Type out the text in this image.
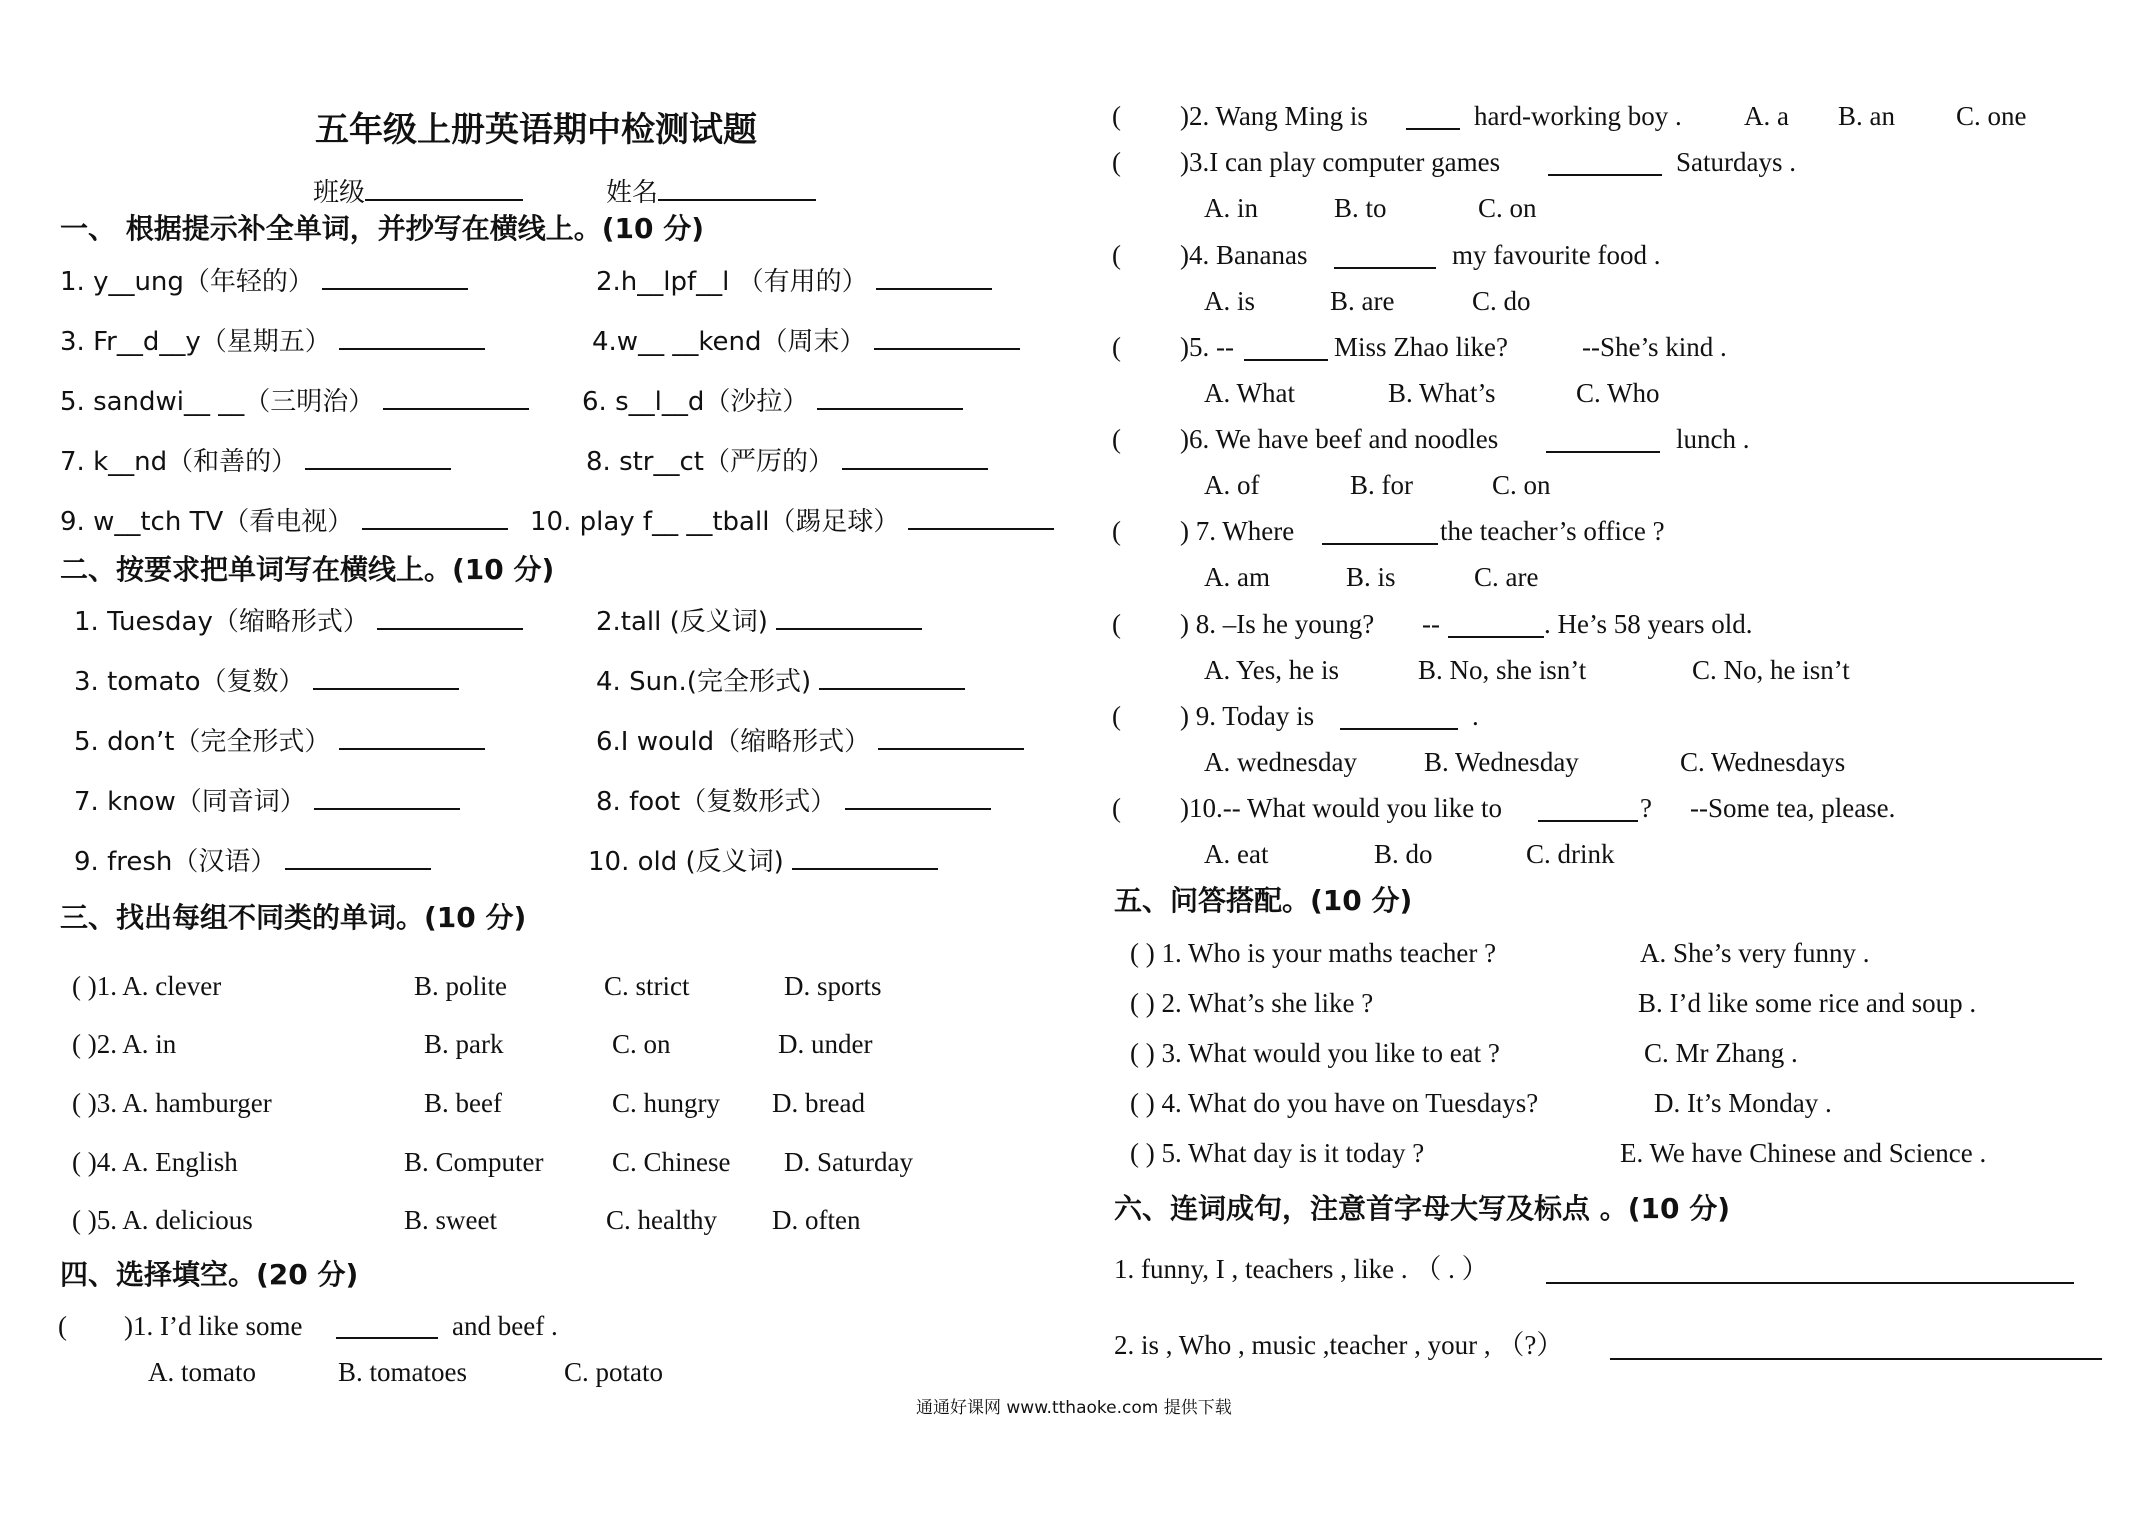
五年级上册英语期中检测试题
班级	姓名
一、 根据提示补全单词，并抄写在横线上。(10 分)
1. y__ung（年轻的）	2.h__lpf__l （有用的）
3. Fr__d__y（星期五）	4.w__ __kend（周末）
5. sandwi__ __（三明治）	6. s__l__d（沙拉）
7. k__nd（和善的）	8. str__ct（严厉的）
9. w__tch TV（看电视）	10. play f__ __tball（踢足球）
二、按要求把单词写在横线上。(10 分)
1. Tuesday（缩略形式）	2.tall (反义词)
3. tomato（复数）	4. Sun.(完全形式)
5. don’t（完全形式）	6.I would（缩略形式）
7. know（同音词）	8. foot（复数形式）
9. fresh（汉语）	10. old (反义词)
三、找出每组不同类的单词。(10 分)
( )1. A. clever	B. polite	C. strict	D. sports
( )2. A. in	B. park	C. on	D. under
( )3. A. hamburger	B. beef	C. hungry D. bread
( )4. A. English	B. Computer	C. Chinese D. Saturday
( )5. A. delicious	B. sweet	C. healthy D. often
四、选择填空。(20 分)
( )1. I’d like some	and beef .
A. tomato	B. tomatoes	C. potato
( )2. Wang Ming is	hard-working boy . A. a B. an C. one
( )3.I can play computer games	Saturdays .
A. in	B. to	C. on
( )4. Bananas	my favourite food .
A. is	B. are	C. do
( )5. --	Miss Zhao like?	--She’s kind .
A. What	B. What’s	C. Who
( )6. We have beef and noodles	lunch .
A. of	B. for	C. on
( ) 7. Where	the teacher’s office ?
A. am	B. is	C. are
( ) 8. –Is he young? --	. He’s 58 years old.
A. Yes, he is	B. No, she isn’t	C. No, he isn’t
( ) 9. Today is	.
A. wednesday B. Wednesday	C. Wednesdays
( )10.-- What would you like to	? --Some tea, please.
A. eat	B. do	C. drink
五、问答搭配。(10 分)
( ) 1. Who is your maths teacher ?	A. She’s very funny .
( ) 2. What’s she like ?	B. I’d like some rice and soup .
( ) 3. What would you like to eat ?	C. Mr Zhang .
( ) 4. What do you have on Tuesdays?	D. It’s Monday .
( ) 5. What day is it today ?	E. We have Chinese and Science .
六、连词成句，注意首字母大写及标点 。(10 分)
1. funny, I , teachers , like . （ . ）
2. is , Who , music ,teacher , your , （?）
通通好课网 www.tthaoke.com 提供下载
